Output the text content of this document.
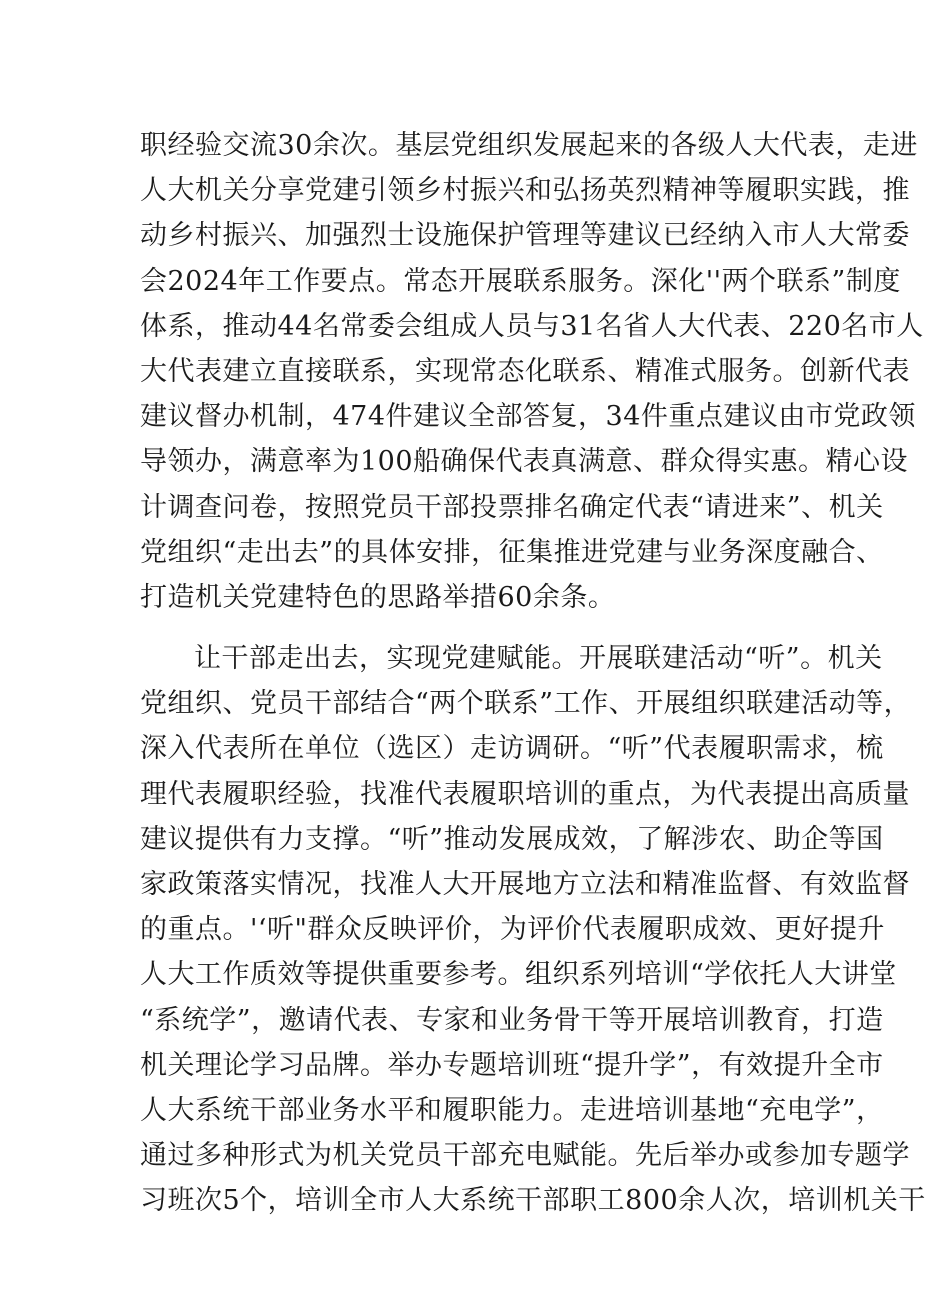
职经验交流30余次。基层党组织发展起来的各级人大代表，走进
人大机关分享党建引领乡村振兴和弘扬英烈精神等履职实践，推
动乡村振兴、加强烈士设施保护管理等建议已经纳入市人大常委
会2024年工作要点。常态开展联系服务。深化''两个联系”制度
体系，推动44名常委会组成人员与31名省人大代表、220名市人
大代表建立直接联系，实现常态化联系、精准式服务。创新代表
建议督办机制，474件建议全部答复，34件重点建议由市党政领
导领办，满意率为100船确保代表真满意、群众得实惠。精心设
计调查问卷，按照党员干部投票排名确定代表“请进来”、机关
党组织“走出去”的具体安排，征集推进党建与业务深度融合、
打造机关党建特色的思路举措60余条。
让干部走出去，实现党建赋能。开展联建活动“听”。机关
党组织、党员干部结合“两个联系”工作、开展组织联建活动等，
深入代表所在单位（选区）走访调研。“听”代表履职需求，梳
理代表履职经验，找准代表履职培训的重点，为代表提出高质量
建议提供有力支撑。“听”推动发展成效，了解涉农、助企等国
家政策落实情况，找准人大开展地方立法和精准监督、有效监督
的重点。'‘听"群众反映评价，为评价代表履职成效、更好提升
人大工作质效等提供重要参考。组织系列培训“学依托人大讲堂
“系统学”，邀请代表、专家和业务骨干等开展培训教育，打造
机关理论学习品牌。举办专题培训班“提升学”，有效提升全市
人大系统干部业务水平和履职能力。走进培训基地“充电学”，
通过多种形式为机关党员干部充电赋能。先后举办或参加专题学
习班次5个，培训全市人大系统干部职工800余人次，培训机关干
